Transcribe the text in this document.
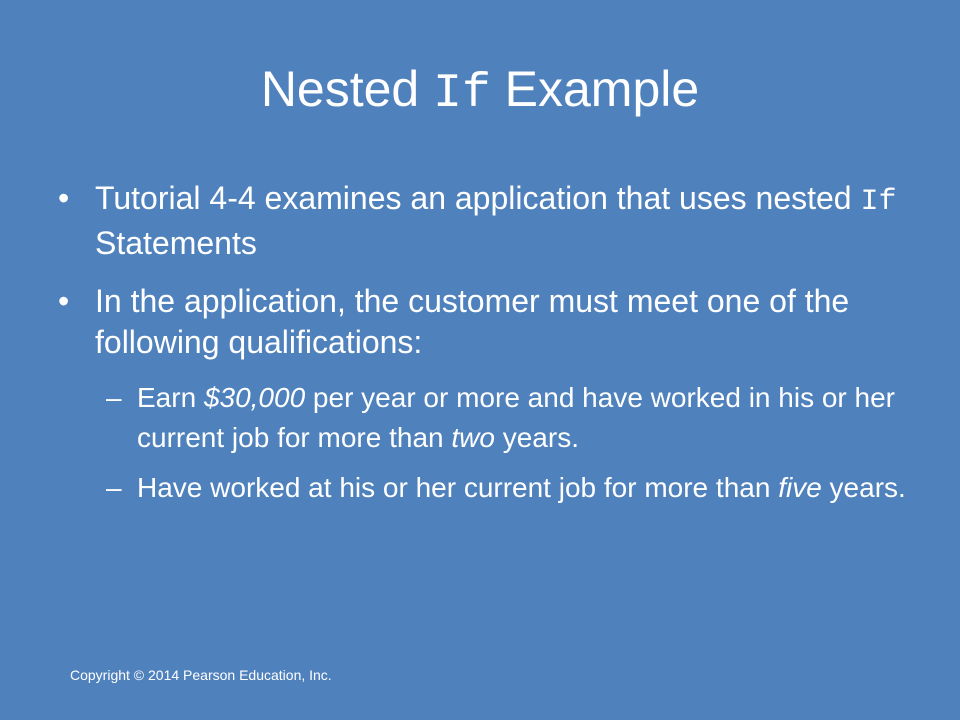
Nested If Example
• Tutorial 4-4 examines an application that uses nested If Statements
• In the application, the customer must meet one of the following qualifications:
– Earn $30,000 per year or more and have worked in his or her current job for more than two years.
– Have worked at his or her current job for more than five years.
Copyright © 2014 Pearson Education, Inc.
